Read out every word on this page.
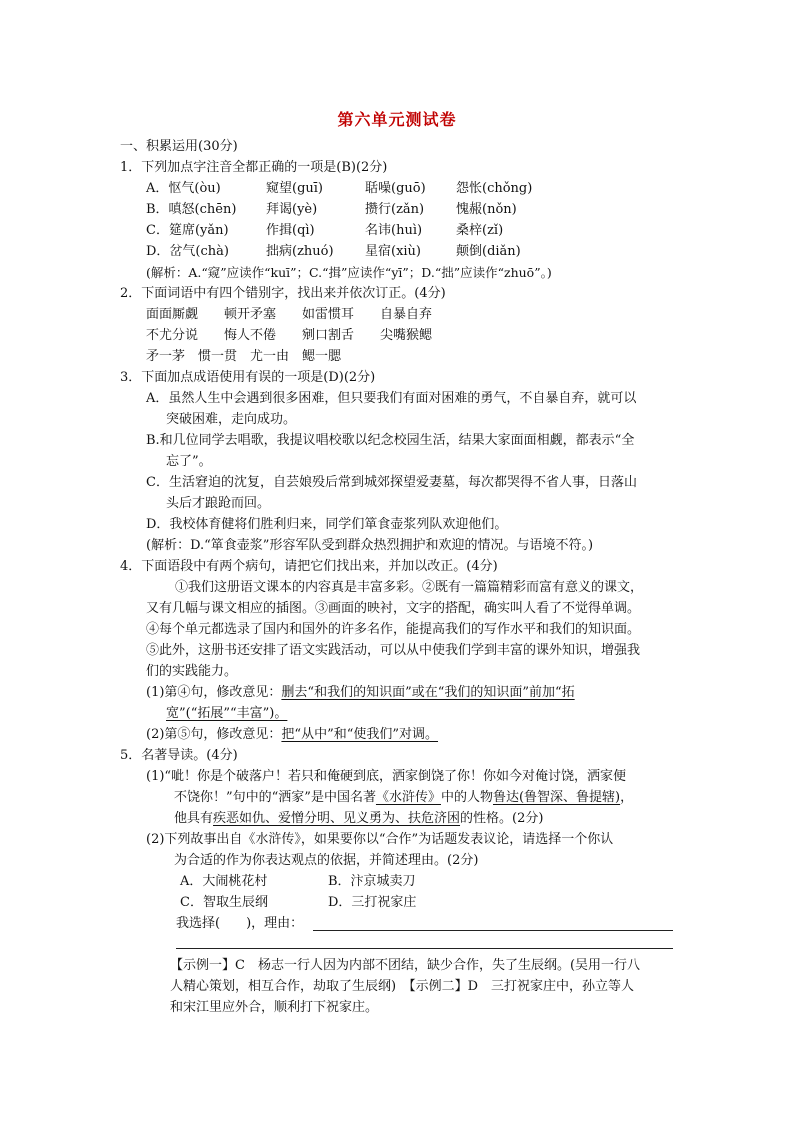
第六单元测试卷
一、积累运用(30分)
1．下列加点字注音全都正确的一项是(B)(2分)
A．怄气(òu)	窥望(guī)	聒噪(guō) 怨怅(chǒng)
B．嗔怒(chēn) 拜谒(yè)	攒行(zǎn) 愧赧(nǒn)
C．筵席(yǎn)	作揖(qì)	名讳(huì)	桑梓(zǐ)
D．岔气(chà)	拙病(zhuó) 星宿(xiù)	颠倒(diǎn)
(解析：A.“窥”应读作“kuī”；C.“揖”应读作“yī”；D.“拙”应读作“zhuō”。)
2．下面词语中有四个错别字，找出来并依次订正。(4分)
面面厮觑　　顿开矛塞　　如雷惯耳　　自暴自弃
不尤分说　　悔人不倦　　剜口割舌　　尖嘴猴鳃
矛一茅　惯一贯　尤一由　鳃一腮
3．下面加点成语使用有误的一项是(D)(2分)
A．虽然人生中会遇到很多困难，但只要我们有面对困难的勇气，不自暴自弃，就可以
突破困难，走向成功。
B.和几位同学去唱歌，我提议唱校歌以纪念校园生活，结果大家面面相觑，都表示“全
忘了”。
C．生活窘迫的沈复，自芸娘殁后常到城郊探望爱妻墓，每次都哭得不省人事，日落山
头后才踉跄而回。
D．我校体育健将们胜利归来，同学们箪食壶浆列队欢迎他们。
(解析：D.“箪食壶浆”形容军队受到群众热烈拥护和欢迎的情况。与语境不符。)
4．下面语段中有两个病句，请把它们找出来，并加以改正。(4分)
①我们这册语文课本的内容真是丰富多彩。②既有一篇篇精彩而富有意义的课文，
又有几幅与课文相应的插图。③画面的映衬，文字的搭配，确实叫人看了不觉得单调。
④每个单元都选录了国内和国外的许多名作，能提高我们的写作水平和我们的知识面。
⑤此外，这册书还安排了语文实践活动，可以从中使我们学到丰富的课外知识，增强我
们的实践能力。
(1)第④句，修改意见：删去“和我们的知识面”或在“我们的知识面”前加“拓
宽”(“拓展”“丰富”)。
(2)第⑤句，修改意见：把“从中”和“使我们”对调。
5．名著导读。(4分)
(1)“呲！你是个破落户！若只和俺硬到底，洒家倒饶了你！你如今对俺讨饶，洒家便
不饶你！”句中的“洒家”是中国名著《水浒传》中的人物鲁达(鲁智深、鲁提辖)，
他具有疾恶如仇、爱憎分明、见义勇为、扶危济困的性格。(2分)
(2)下列故事出自《水浒传》，如果要你以“合作”为话题发表议论，请选择一个你认
为合适的作为你表达观点的依据，并简述理由。(2分)
A．大闹桃花村	B．汴京城卖刀
C．智取生辰纲	D．三打祝家庄
我选择(　　)，理由：
【示例一】C　杨志一行人因为内部不团结，缺少合作，失了生辰纲。(吴用一行八
人精心策划，相互合作，劫取了生辰纲)　【示例二】D　三打祝家庄中，孙立等人
和宋江里应外合，顺利打下祝家庄。
